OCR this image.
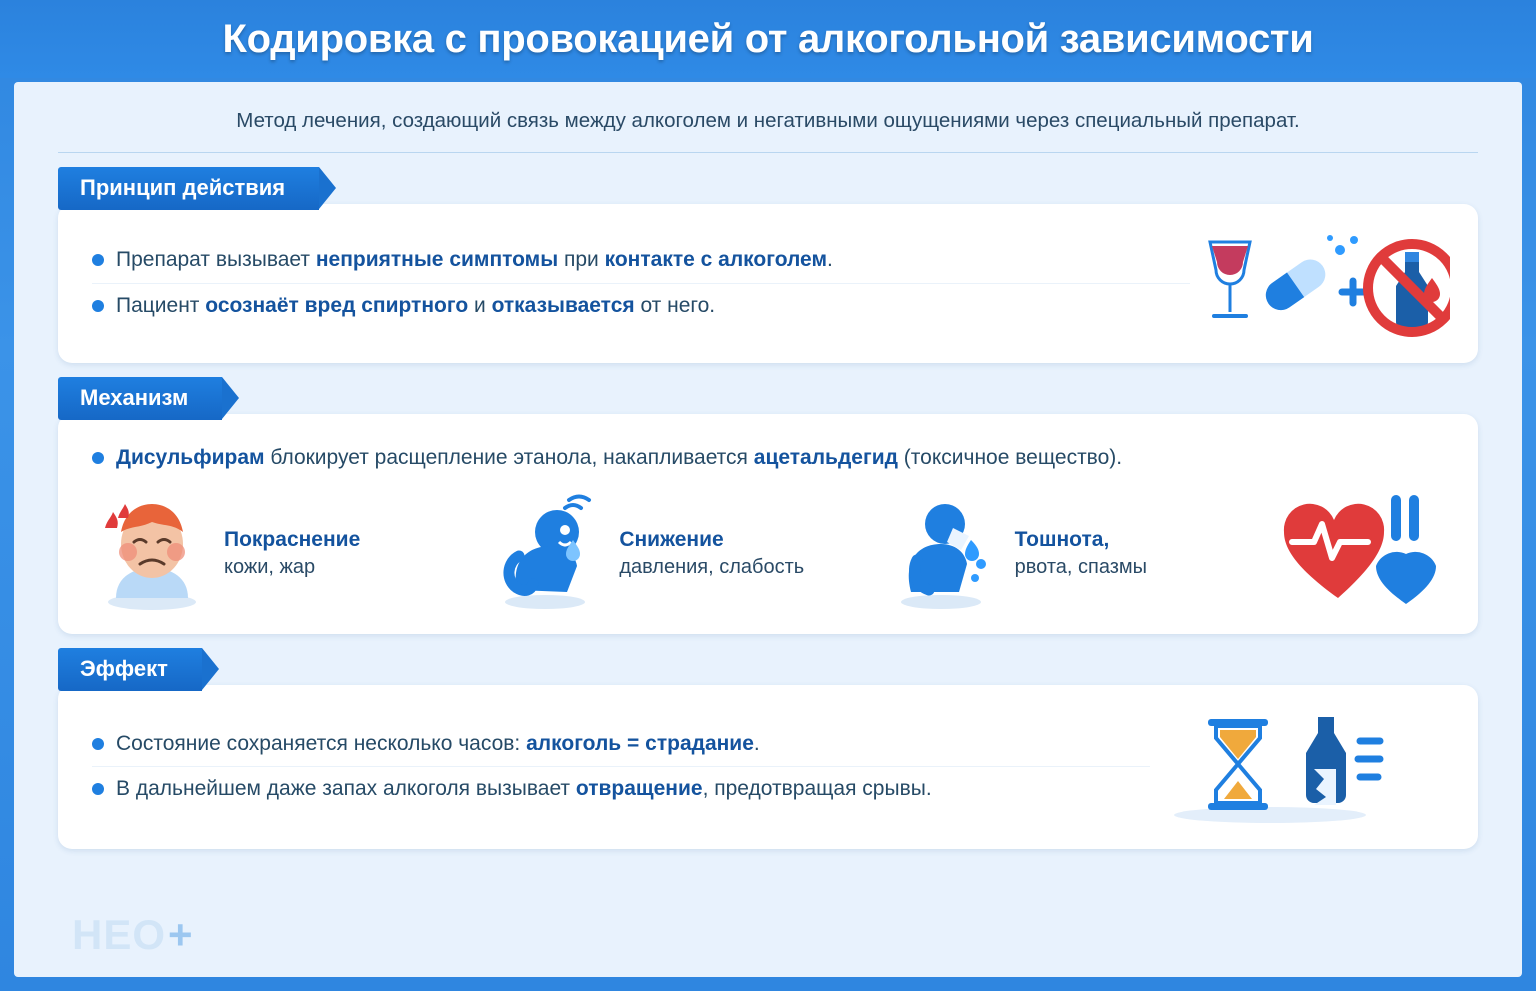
Кодировка с провокацией от алкогольной зависимости
Метод лечения, создающий связь между алкоголем и негативными ощущениями через специальный препарат.
Принцип действия
Препарат вызывает неприятные симптомы при контакте с алкоголем.
Пациент осознаёт вред спиртного и отказывается от него.
Механизм
Дисульфирам блокирует расщепление этанола, накапливается ацетальдегид (токсичное вещество).
Покраснение
кожи, жар
Снижение
давления, слабость
Тошнота,
рвота, спазмы
Эффект
Состояние сохраняется несколько часов: алкоголь = страдание.
В дальнейшем даже запах алкоголя вызывает отвращение, предотвращая срывы.
HEO +
